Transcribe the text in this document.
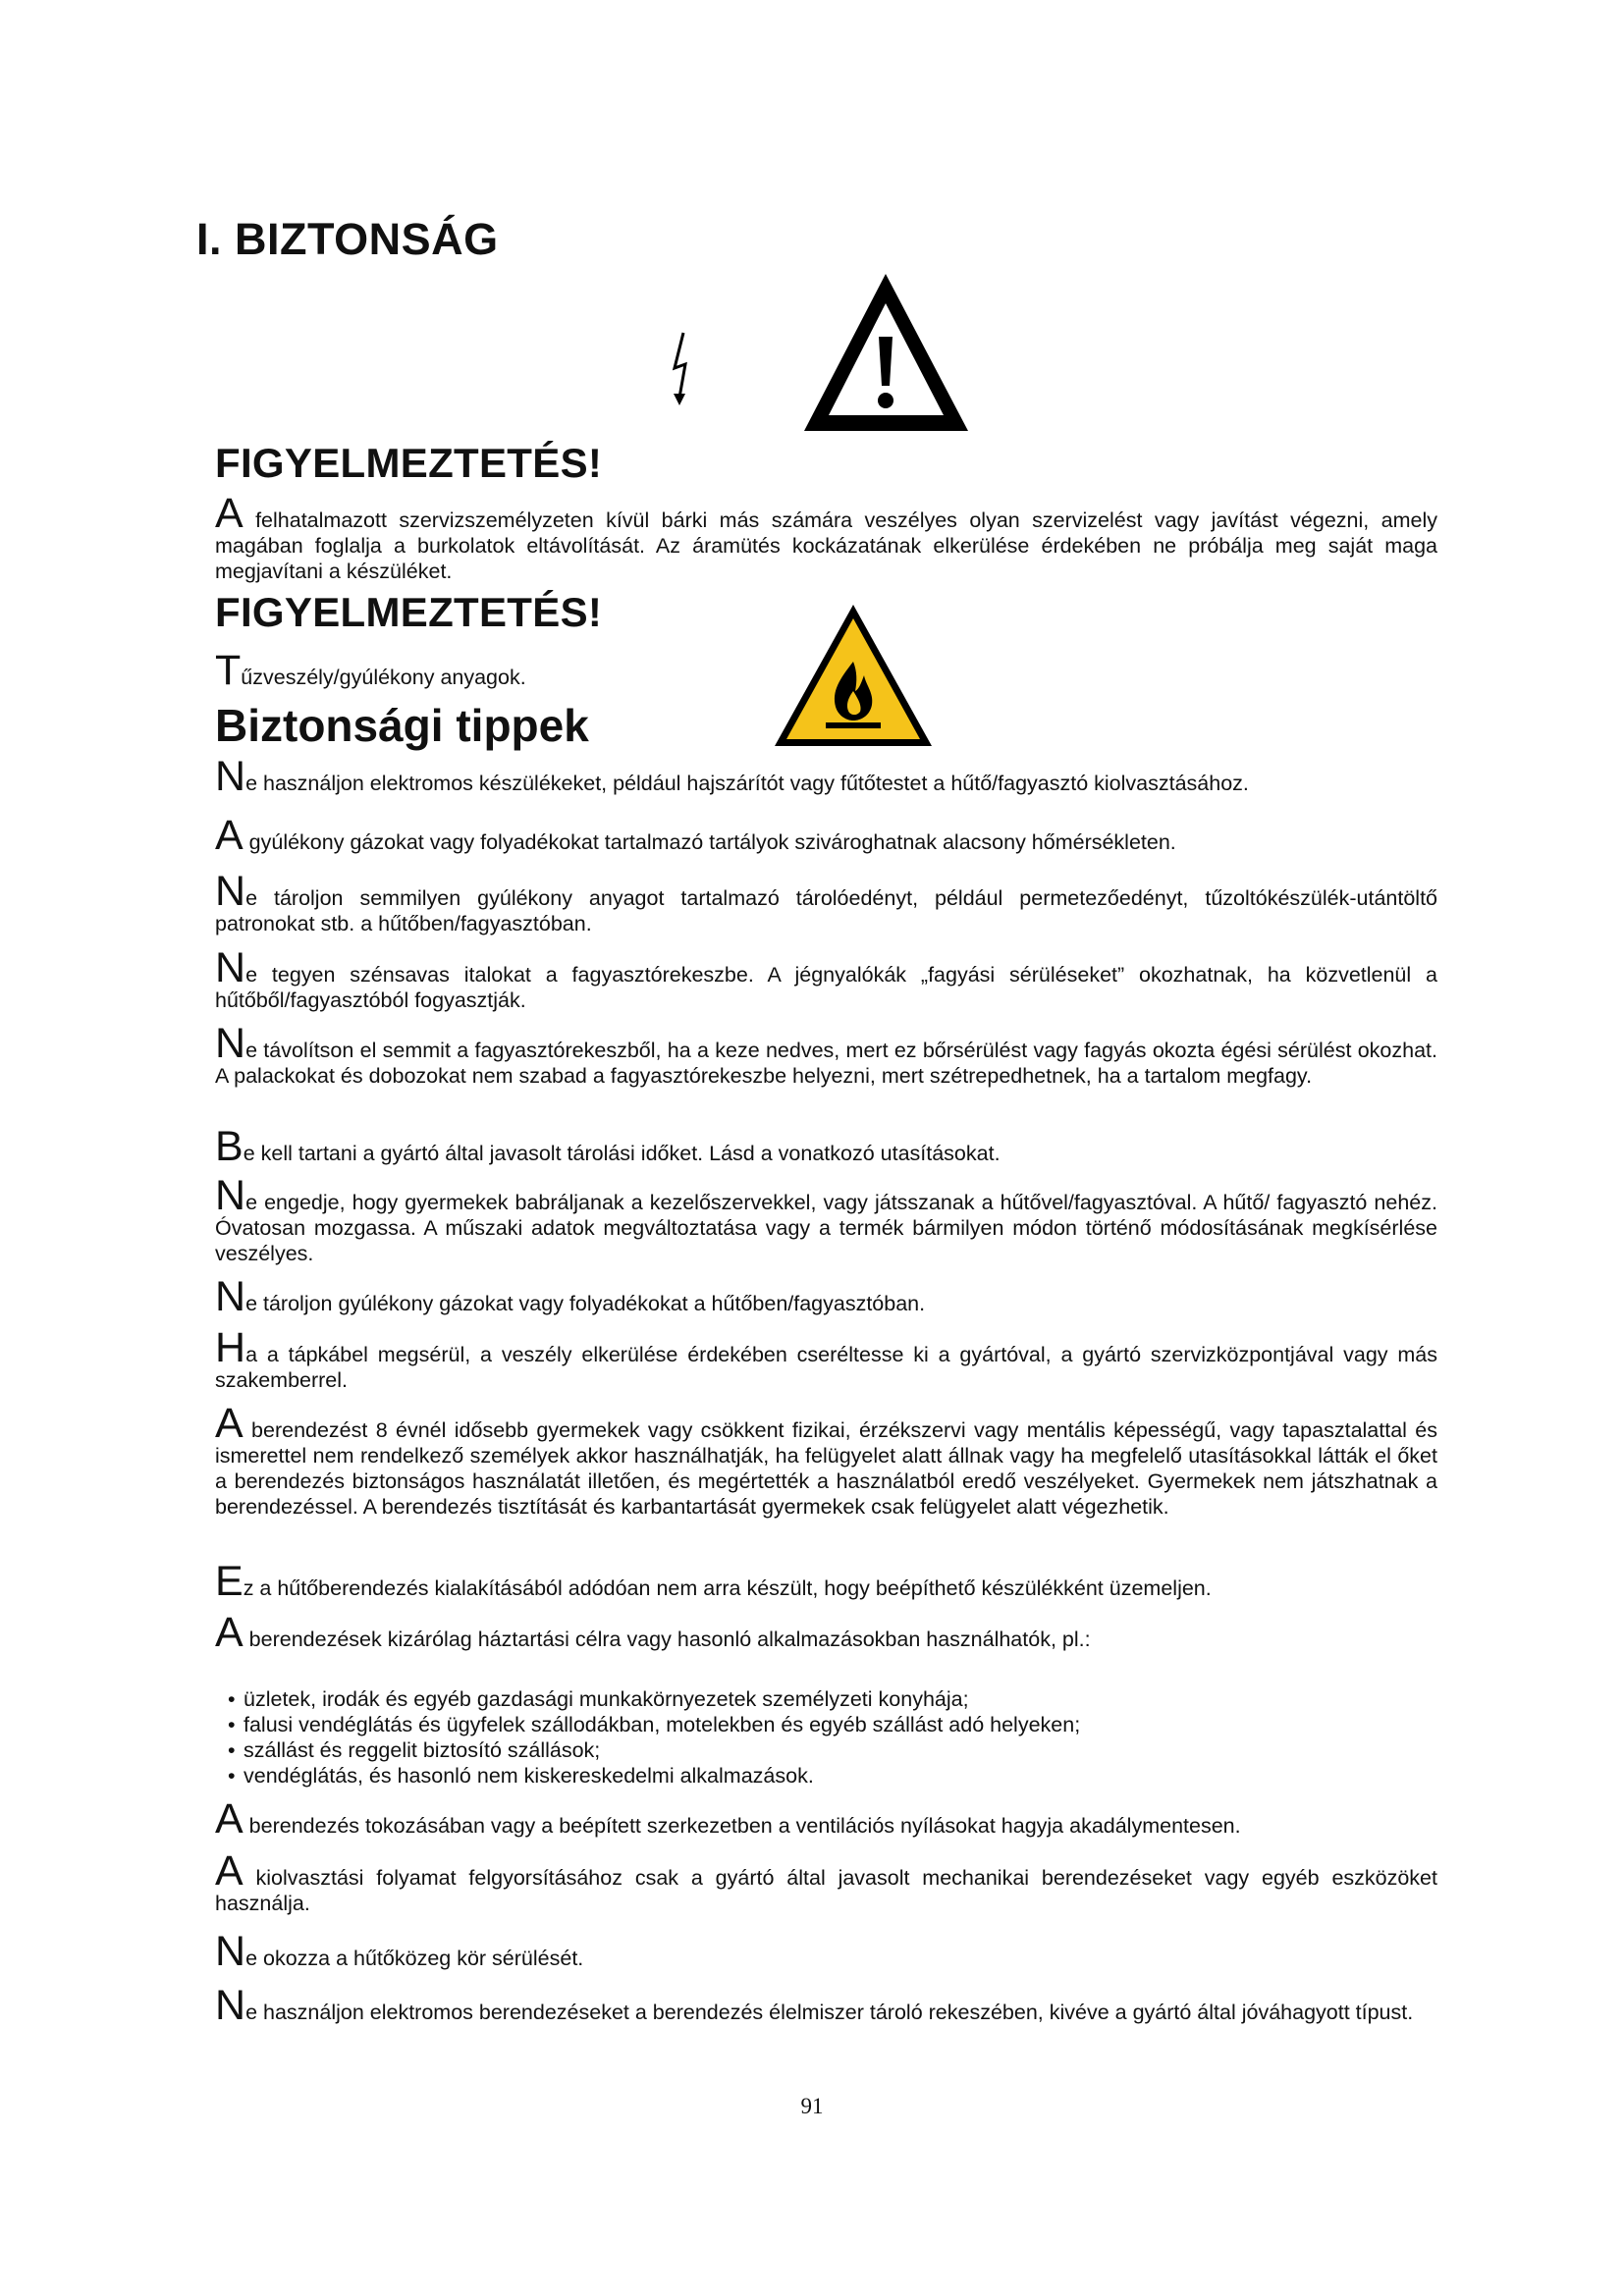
I. BIZTONSÁG
FIGYELMEZTETÉS!
A felhatalmazott szervizszemélyzeten kívül bárki más számára veszélyes olyan szervizelést vagy javítást végezni, amely magában foglalja a burkolatok eltávolítását. Az áramütés kockázatának elkerülése érdekében ne próbálja meg saját maga megjavítani a készüléket.
FIGYELMEZTETÉS!
Tűzveszély/gyúlékony anyagok.
Biztonsági tippek
Ne használjon elektromos készülékeket, például hajszárítót vagy fűtőtestet a hűtő/fagyasztó kiolvasztásához.
A gyúlékony gázokat vagy folyadékokat tartalmazó tartályok szivároghatnak alacsony hőmérsékleten.
Ne tároljon semmilyen gyúlékony anyagot tartalmazó tárolóedényt, például permetezőedényt, tűzoltókészülék-utántöltő patronokat stb. a hűtőben/fagyasztóban.
Ne tegyen szénsavas italokat a fagyasztórekeszbe. A jégnyalókák „fagyási sérüléseket” okozhatnak, ha közvetlenül a hűtőből/fagyasztóból fogyasztják.
Ne távolítson el semmit a fagyasztórekeszből, ha a keze nedves, mert ez bőrsérülést vagy fagyás okozta égési sérülést okozhat. A palackokat és dobozokat nem szabad a fagyasztórekeszbe helyezni, mert szétrepedhetnek, ha a tartalom megfagy.
Be kell tartani a gyártó által javasolt tárolási időket. Lásd a vonatkozó utasításokat.
Ne engedje, hogy gyermekek babráljanak a kezelőszervekkel, vagy játsszanak a hűtővel/fagyasztóval. A hűtő/ fagyasztó nehéz. Óvatosan mozgassa. A műszaki adatok megváltoztatása vagy a termék bármilyen módon történő módosításának megkísérlése veszélyes.
Ne tároljon gyúlékony gázokat vagy folyadékokat a hűtőben/fagyasztóban.
Ha a tápkábel megsérül, a veszély elkerülése érdekében cseréltesse ki a gyártóval, a gyártó szervizközpontjával vagy más szakemberrel.
A berendezést 8 évnél idősebb gyermekek vagy csökkent fizikai, érzékszervi vagy mentális képességű, vagy tapasztalattal és ismerettel nem rendelkező személyek akkor használhatják, ha felügyelet alatt állnak vagy ha megfelelő utasításokkal látták el őket a berendezés biztonságos használatát illetően, és megértették a használatból eredő veszélyeket. Gyermekek nem játszhatnak a berendezéssel. A berendezés tisztítását és karbantartását gyermekek csak felügyelet alatt végezhetik.
Ez a hűtőberendezés kialakításából adódóan nem arra készült, hogy beépíthető készülékként üzemeljen.
A berendezések kizárólag háztartási célra vagy hasonló alkalmazásokban használhatók, pl.:
• üzletek, irodák és egyéb gazdasági munkakörnyezetek személyzeti konyhája;
• falusi vendéglátás és ügyfelek szállodákban, motelekben és egyéb szállást adó helyeken;
• szállást és reggelit biztosító szállások;
• vendéglátás, és hasonló nem kiskereskedelmi alkalmazások.
A berendezés tokozásában vagy a beépített szerkezetben a ventilációs nyílásokat hagyja akadálymentesen.
A kiolvasztási folyamat felgyorsításához csak a gyártó által javasolt mechanikai berendezéseket vagy egyéb eszközöket használja.
Ne okozza a hűtőközeg kör sérülését.
Ne használjon elektromos berendezéseket a berendezés élelmiszer tároló rekeszében, kivéve a gyártó által jóváhagyott típust.
91
